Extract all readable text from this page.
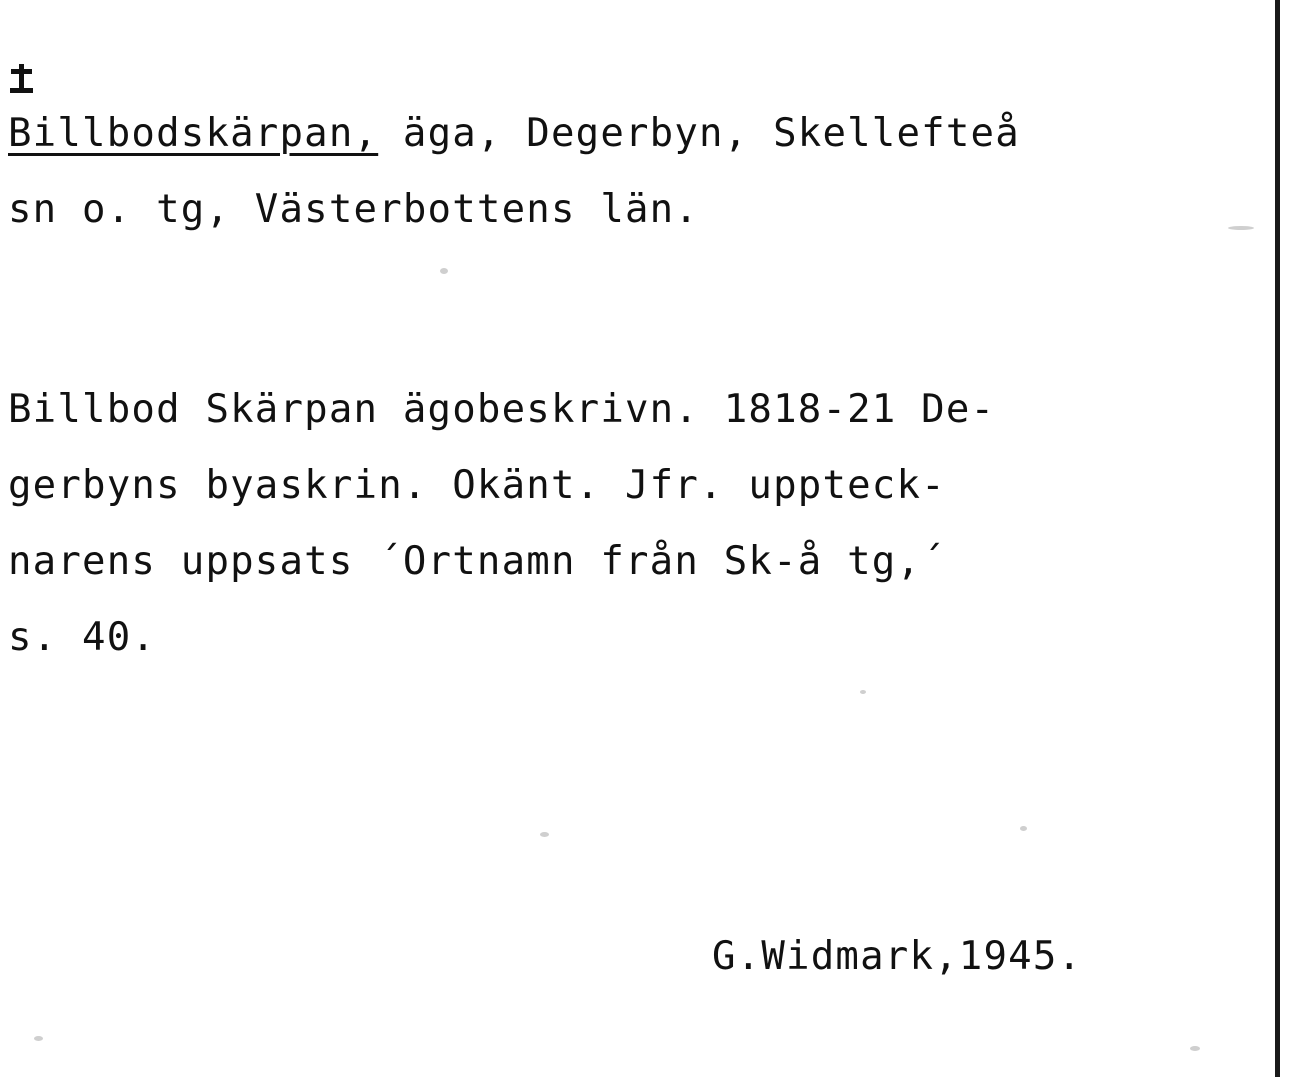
Billbodskärpan, äga, Degerbyn, Skellefteå
sn o. tg, Västerbottens län.
Billbod Skärpan ägobeskrivn. 1818-21 De-
gerbyns byaskrin. Okänt. Jfr. uppteck-
narens uppsats ´Ortnamn från Sk-å tg,´
s. 40.
G.Widmark,1945.
